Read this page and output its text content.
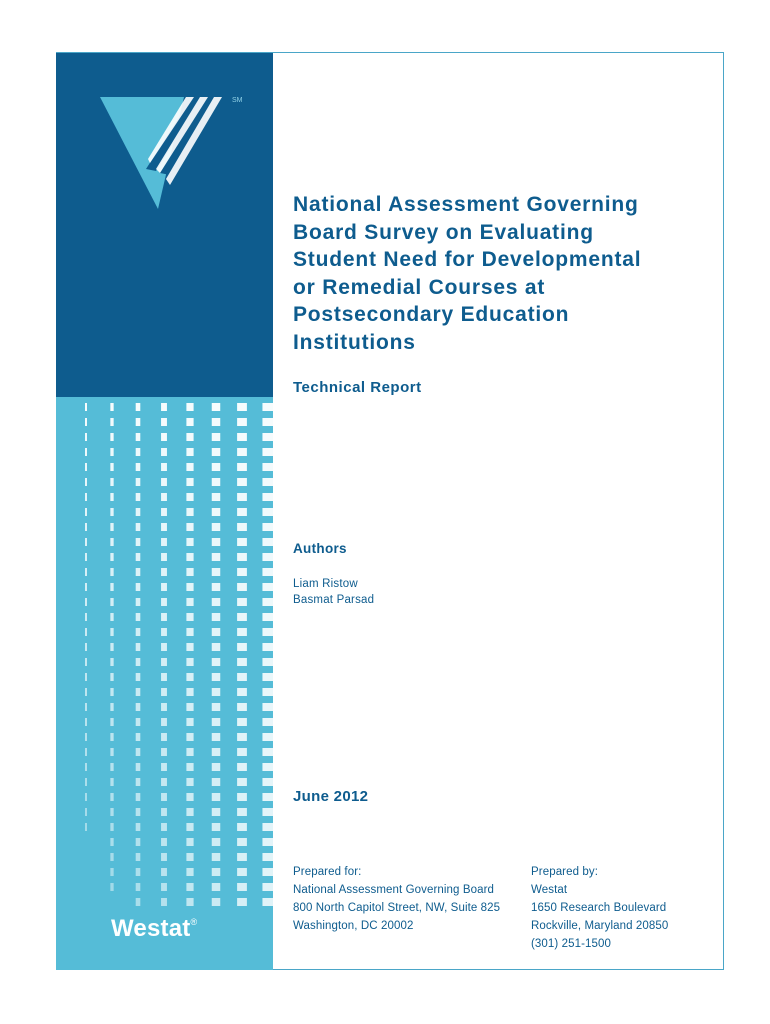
SM
Westat®
National Assessment Governing
Board Survey on Evaluating
Student Need for Developmental
or Remedial Courses at
Postsecondary Education
Institutions
Technical Report
Authors
Liam Ristow
Basmat Parsad
June 2012
Prepared for:
National Assessment Governing Board
800 North Capitol Street, NW, Suite 825
Washington, DC 20002
Prepared by:
Westat
1650 Research Boulevard
Rockville, Maryland 20850
(301) 251-1500
